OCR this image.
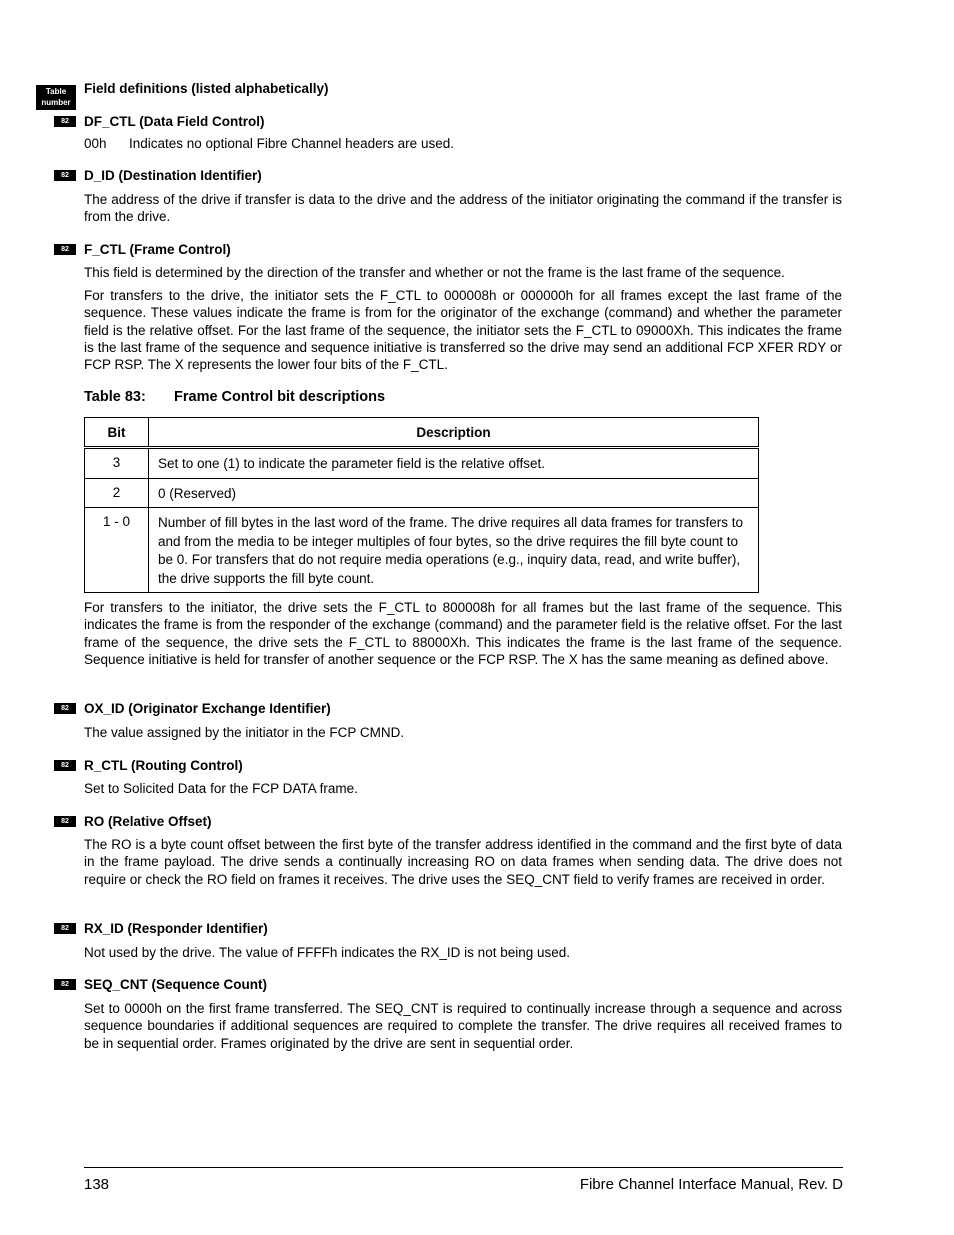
Table
number
Field definitions (listed alphabetically)
82	DF_CTL (Data Field Control)
00h Indicates no optional Fibre Channel headers are used.
82	D_ID (Destination Identifier)
The address of the drive if transfer is data to the drive and the address of the initiator originating the command if the transfer is from the drive.
82	F_CTL (Frame Control)
This field is determined by the direction of the transfer and whether or not the frame is the last frame of the sequence.
For transfers to the drive, the initiator sets the F_CTL to 000008h or 000000h for all frames except the last frame of the sequence. These values indicate the frame is from for the originator of the exchange (command) and whether the parameter field is the relative offset. For the last frame of the sequence, the initiator sets the F_CTL to 09000Xh. This indicates the frame is the last frame of the sequence and sequence initiative is transferred so the drive may send an additional FCP XFER RDY or FCP RSP. The X represents the lower four bits of the F_CTL.
Table 83: Frame Control bit descriptions
Bit	Description
3	Set to one (1) to indicate the parameter field is the relative offset.
2	0 (Reserved)
1 - 0	Number of fill bytes in the last word of the frame. The drive requires all data frames for transfers to and from the media to be integer multiples of four bytes, so the drive requires the fill byte count to be 0. For transfers that do not require media operations (e.g., inquiry data, read, and write buffer), the drive supports the fill byte count.
For transfers to the initiator, the drive sets the F_CTL to 800008h for all frames but the last frame of the sequence. This indicates the frame is from the responder of the exchange (command) and the parameter field is the relative offset. For the last frame of the sequence, the drive sets the F_CTL to 88000Xh. This indicates the frame is the last frame of the sequence. Sequence initiative is held for transfer of another sequence or the FCP RSP. The X has the same meaning as defined above.
82	OX_ID (Originator Exchange Identifier)
The value assigned by the initiator in the FCP CMND.
82	R_CTL (Routing Control)
Set to Solicited Data for the FCP DATA frame.
82	RO (Relative Offset)
The RO is a byte count offset between the first byte of the transfer address identified in the command and the first byte of data in the frame payload. The drive sends a continually increasing RO on data frames when sending data. The drive does not require or check the RO field on frames it receives. The drive uses the SEQ_CNT field to verify frames are received in order.
82	RX_ID (Responder Identifier)
Not used by the drive. The value of FFFFh indicates the RX_ID is not being used.
82	SEQ_CNT (Sequence Count)
Set to 0000h on the first frame transferred. The SEQ_CNT is required to continually increase through a sequence and across sequence boundaries if additional sequences are required to complete the transfer. The drive requires all received frames to be in sequential order. Frames originated by the drive are sent in sequential order.
138	Fibre Channel Interface Manual, Rev. D
